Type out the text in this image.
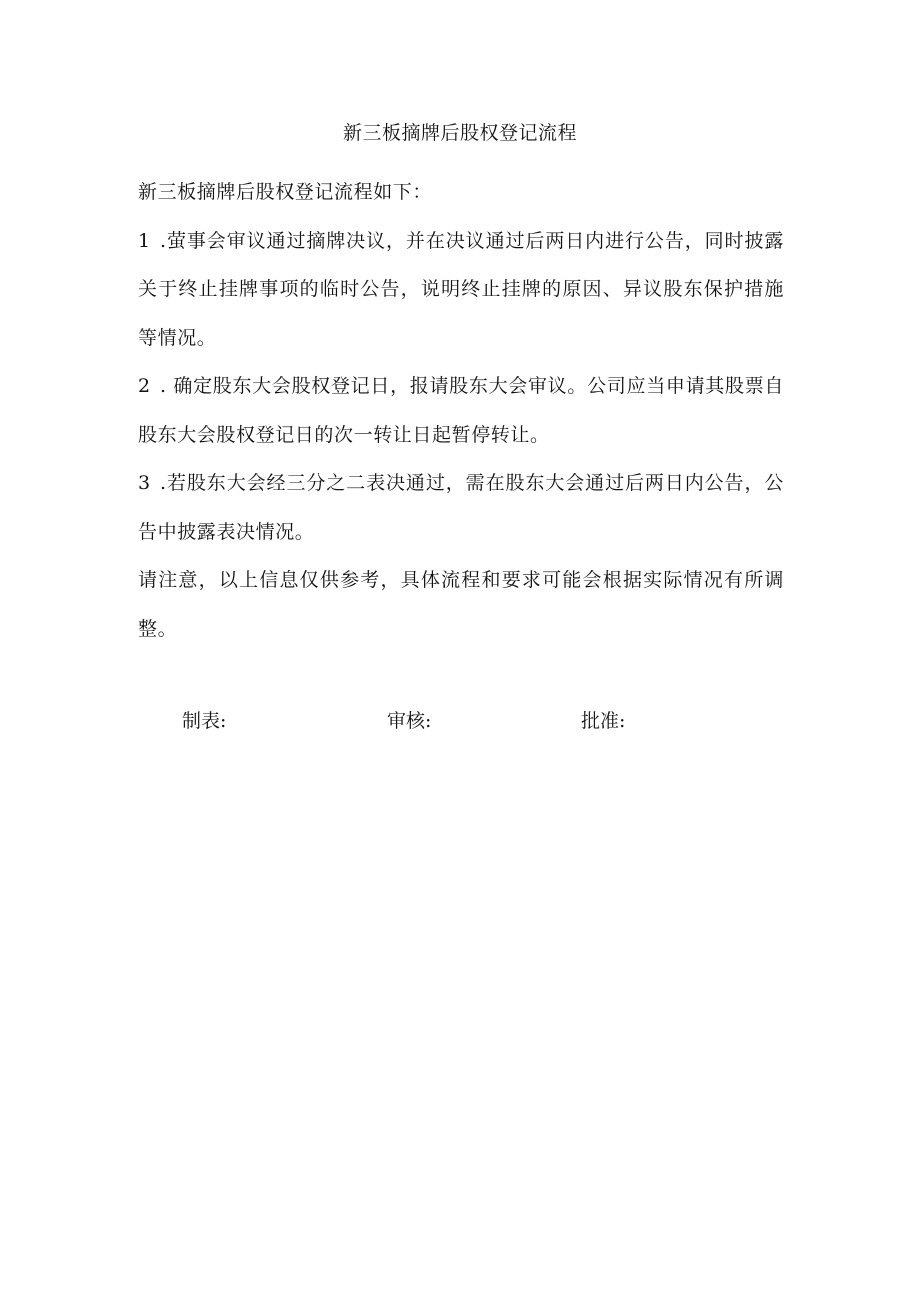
新三板摘牌后股权登记流程

新三板摘牌后股权登记流程如下：

1 .萤事会审议通过摘牌决议，并在决议通过后两日内进行公告，同时披露关于终止挂牌事项的临时公告，说明终止挂牌的原因、异议股东保护措施等情况。

2 . 确定股东大会股权登记日，报请股东大会审议。公司应当申请其股票自股东大会股权登记日的次一转让日起暂停转让。

3 .若股东大会经三分之二表决通过，需在股东大会通过后两日内公告，公告中披露表决情况。

请注意，以上信息仅供参考，具体流程和要求可能会根据实际情况有所调整。

制表:	审核:	批准:
